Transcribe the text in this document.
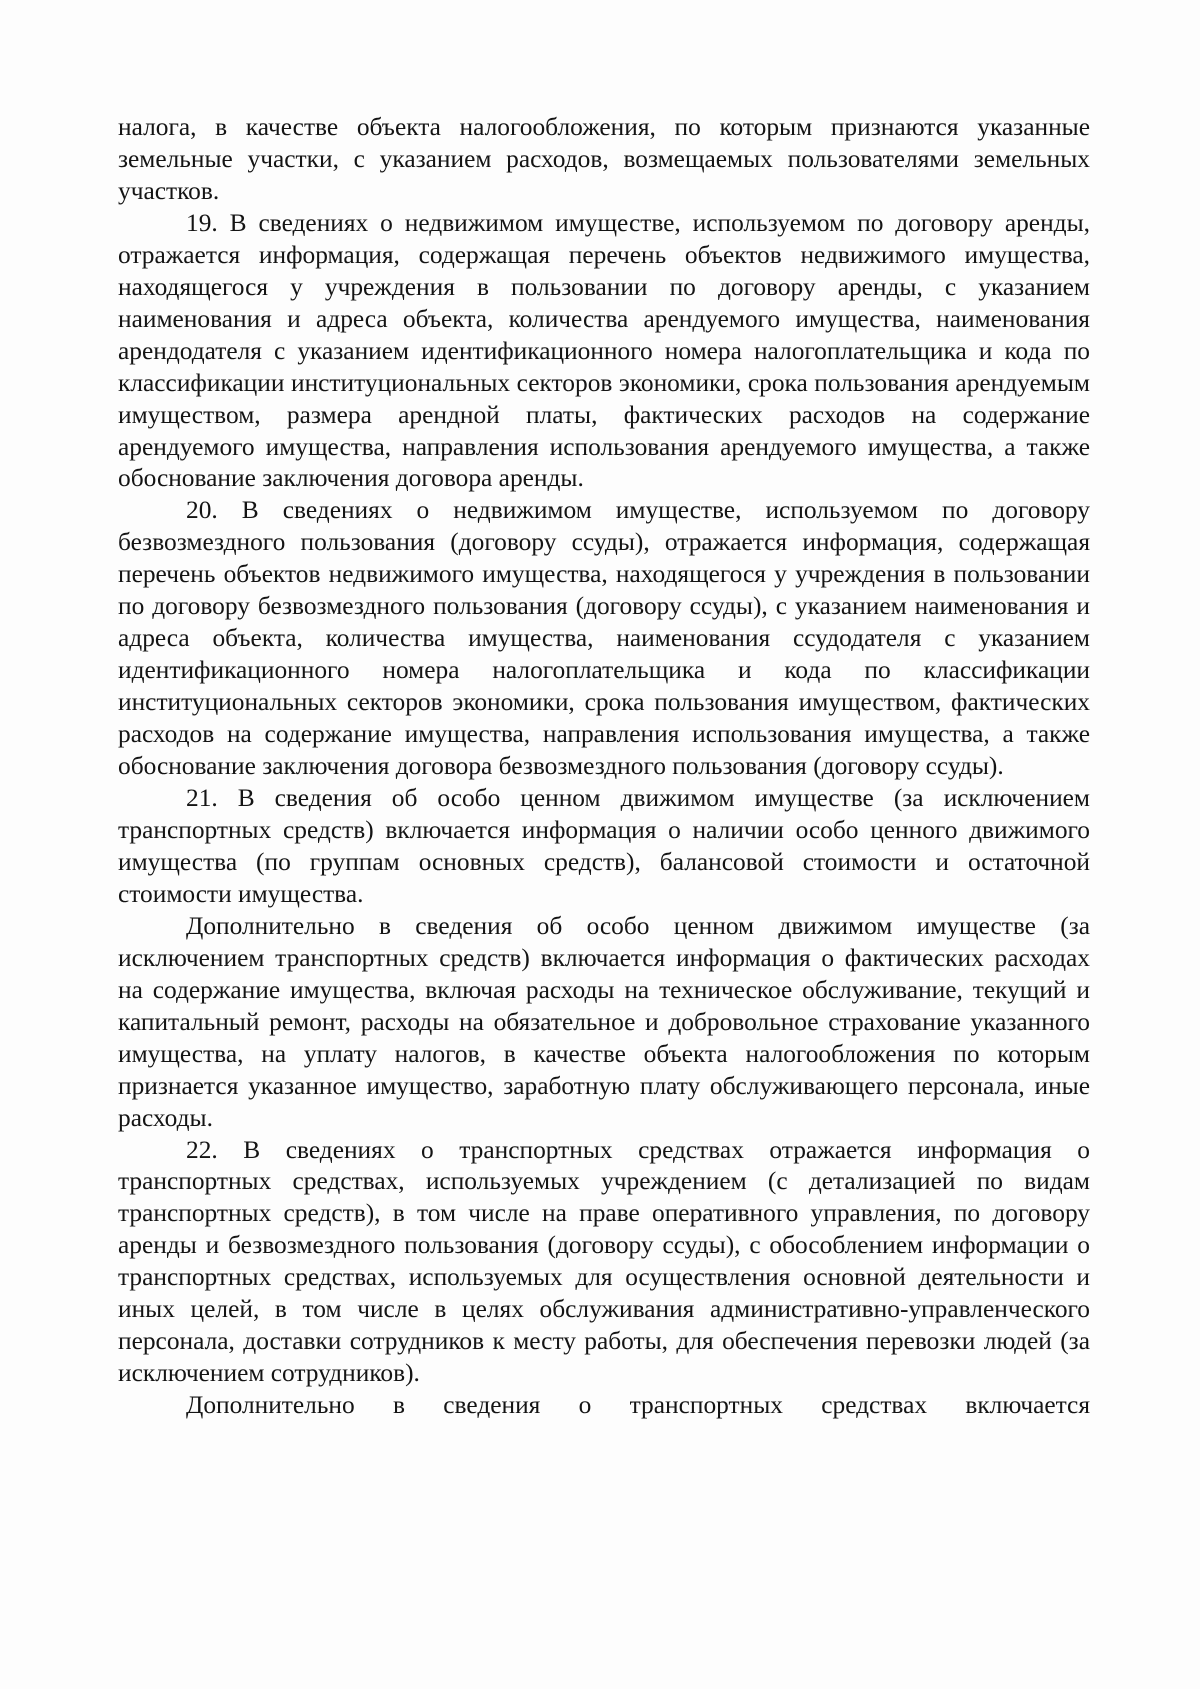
налога, в качестве объекта налогообложения, по которым признаются указанные земельные участки, с указанием расходов, возмещаемых пользователями земельных участков.

19. В сведениях о недвижимом имуществе, используемом по договору аренды, отражается информация, содержащая перечень объектов недвижимого имущества, находящегося у учреждения в пользовании по договору аренды, с указанием наименования и адреса объекта, количества арендуемого имущества, наименования арендодателя с указанием идентификационного номера налогоплательщика и кода по классификации институциональных секторов экономики, срока пользования арендуемым имуществом, размера арендной платы, фактических расходов на содержание арендуемого имущества, направления использования арендуемого имущества, а также обоснование заключения договора аренды.

20. В сведениях о недвижимом имуществе, используемом по договору безвозмездного пользования (договору ссуды), отражается информация, содержащая перечень объектов недвижимого имущества, находящегося у учреждения в пользовании по договору безвозмездного пользования (договору ссуды), с указанием наименования и адреса объекта, количества имущества, наименования ссудодателя с указанием идентификационного номера налогоплательщика и кода по классификации институциональных секторов экономики, срока пользования имуществом, фактических расходов на содержание имущества, направления использования имущества, а также обоснование заключения договора безвозмездного пользования (договору ссуды).

21. В сведения об особо ценном движимом имуществе (за исключением транспортных средств) включается информация о наличии особо ценного движимого имущества (по группам основных средств), балансовой стоимости и остаточной стоимости имущества.

Дополнительно в сведения об особо ценном движимом имуществе (за исключением транспортных средств) включается информация о фактических расходах на содержание имущества, включая расходы на техническое обслуживание, текущий и капитальный ремонт, расходы на обязательное и добровольное страхование указанного имущества, на уплату налогов, в качестве объекта налогообложения по которым признается указанное имущество, заработную плату обслуживающего персонала, иные расходы.

22. В сведениях о транспортных средствах отражается информация о транспортных средствах, используемых учреждением (с детализацией по видам транспортных средств), в том числе на праве оперативного управления, по договору аренды и безвозмездного пользования (договору ссуды), с обособлением информации о транспортных средствах, используемых для осуществления основной деятельности и иных целей, в том числе в целях обслуживания административно-управленческого персонала, доставки сотрудников к месту работы, для обеспечения перевозки людей (за исключением сотрудников).

Дополнительно в сведения о транспортных средствах включается
